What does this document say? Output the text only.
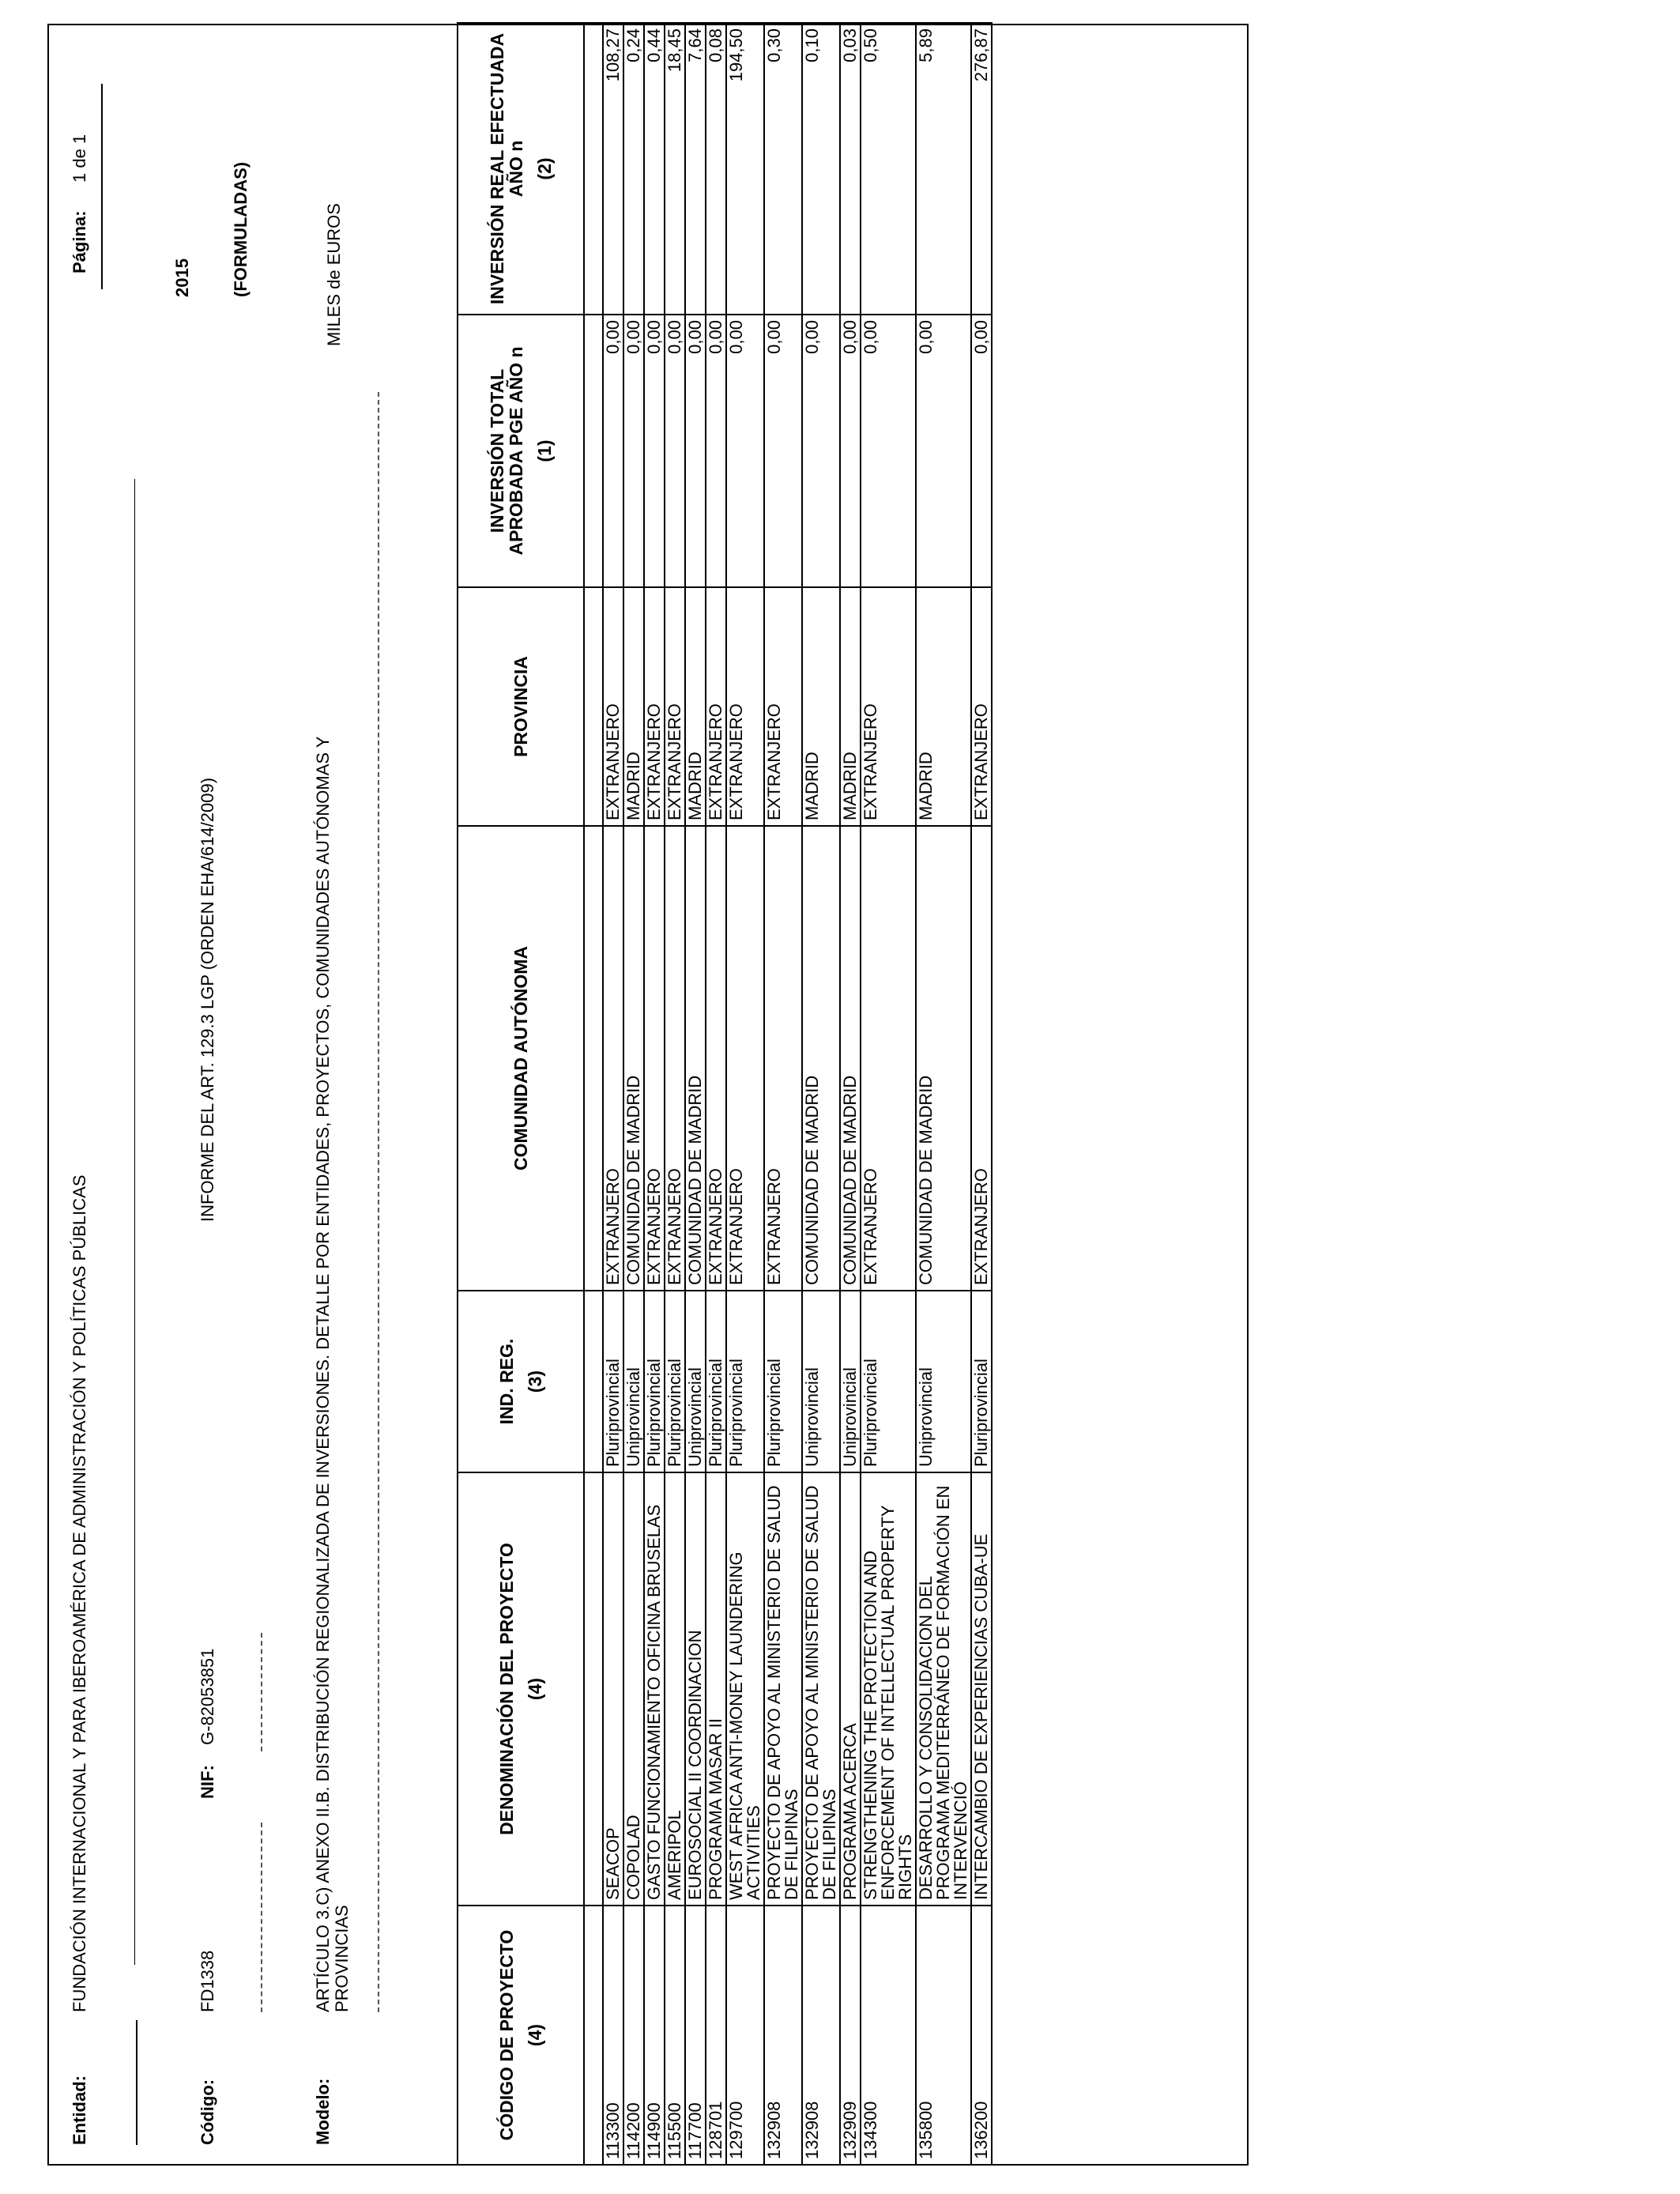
Entidad:
FUNDACIÓN INTERNACIONAL Y PARA IBEROAMÉRICA DE ADMINISTRACIÓN Y POLÍTICAS PÚBLICAS
Página:
1 de 1
Código:
FD1338
NIF:
G-82053851
INFORME DEL ART. 129.3 LGP (ORDEN EHA/614/2009)
2015 (FORMULADAS)
Modelo:
ARTÍCULO 3.C) ANEXO II.B. DISTRIBUCIÓN REGIONALIZADA DE INVERSIONES. DETALLE POR ENTIDADES, PROYECTOS, COMUNIDADES AUTÓNOMAS Y PROVINCIAS
MILES de EUROS
CÓDIGO DE PROYECTO (4)	DENOMINACIÓN DEL PROYECTO (4)	IND. REG. (3)	COMUNIDAD AUTÓNOMA	PROVINCIA	INVERSIÓN TOTAL APROBADA PGE AÑO n (1)	INVERSIÓN REAL EFECTUADA AÑO n (2)

113300	SEACOP	Pluriprovincial	EXTRANJERO	EXTRANJERO	0,00	108,27
114200	COPOLAD	Uniprovincial	COMUNIDAD DE MADRID	MADRID	0,00	0,24
114900	GASTO FUNCIONAMIENTO OFICINA BRUSELAS	Pluriprovincial	EXTRANJERO	EXTRANJERO	0,00	0,44
115500	AMERIPOL	Pluriprovincial	EXTRANJERO	EXTRANJERO	0,00	18,45
117700	EUROSOCIAL II COORDINACION	Uniprovincial	COMUNIDAD DE MADRID	MADRID	0,00	7,64
128701	PROGRAMA MASAR II	Pluriprovincial	EXTRANJERO	EXTRANJERO	0,00	0,08
129700	WEST AFRICA ANTI-MONEY LAUNDERING ACTIVITIES	Pluriprovincial	EXTRANJERO	EXTRANJERO	0,00	194,50
132908	PROYECTO DE APOYO AL MINISTERIO DE SALUD DE FILIPINAS	Pluriprovincial	EXTRANJERO	EXTRANJERO	0,00	0,30
132908	PROYECTO DE APOYO AL MINISTERIO DE SALUD DE FILIPINAS	Uniprovincial	COMUNIDAD DE MADRID	MADRID	0,00	0,10
132909	PROGRAMA ACERCA	Uniprovincial	COMUNIDAD DE MADRID	MADRID	0,00	0,03
134300	STRENGTHENING THE PROTECTION AND ENFORCEMENT OF INTELLECTUAL PROPERTY RIGHTS	Pluriprovincial	EXTRANJERO	EXTRANJERO	0,00	0,50
135800	DESARROLLO Y CONSOLIDACION DEL PROGRAMA MEDITERRÁNEO DE FORMACIÓN EN INTERVENCIÓ	Uniprovincial	COMUNIDAD DE MADRID	MADRID	0,00	5,89
136200	INTERCAMBIO DE EXPERIENCIAS CUBA-UE	Pluriprovincial	EXTRANJERO	EXTRANJERO	0,00	276,87
